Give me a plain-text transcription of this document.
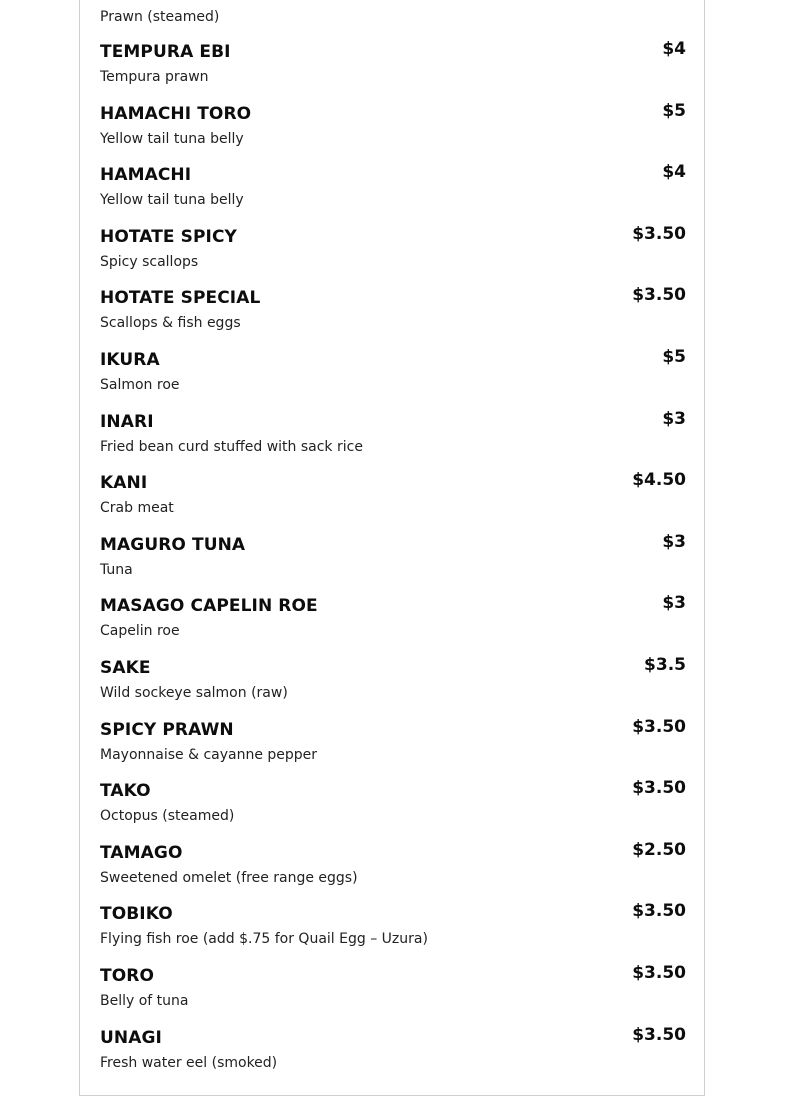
Prawn (steamed)
TEMPURA EBI	$4
Tempura prawn
HAMACHI TORO	$5
Yellow tail tuna belly
HAMACHI	$4
Yellow tail tuna belly
HOTATE SPICY	$3.50
Spicy scallops
HOTATE SPECIAL	$3.50
Scallops & fish eggs
IKURA	$5
Salmon roe
INARI	$3
Fried bean curd stuffed with sack rice
KANI	$4.50
Crab meat
MAGURO TUNA	$3
Tuna
MASAGO CAPELIN ROE	$3
Capelin roe
SAKE	$3.5
Wild sockeye salmon (raw)
SPICY PRAWN	$3.50
Mayonnaise & cayanne pepper
TAKO	$3.50
Octopus (steamed)
TAMAGO	$2.50
Sweetened omelet (free range eggs)
TOBIKO	$3.50
Flying fish roe (add $.75 for Quail Egg – Uzura)
TORO	$3.50
Belly of tuna
UNAGI	$3.50
Fresh water eel (smoked)
